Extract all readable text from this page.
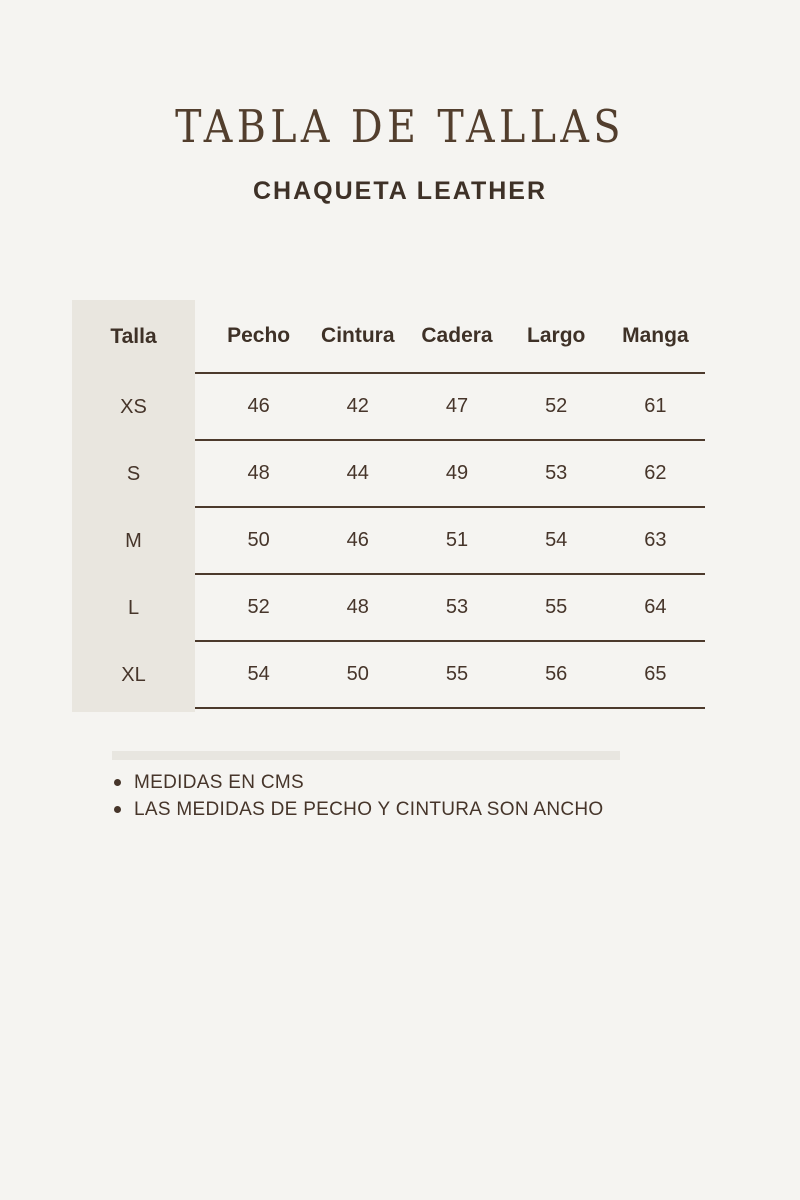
TABLA DE TALLAS
CHAQUETA LEATHER
Talla	Pecho	Cintura	Cadera	Largo	Manga
XS	46	42	47	52	61
S	48	44	49	53	62
M	50	46	51	54	63
L	52	48	53	55	64
XL	54	50	55	56	65
MEDIDAS EN CMS
LAS MEDIDAS DE PECHO Y CINTURA SON ANCHO
